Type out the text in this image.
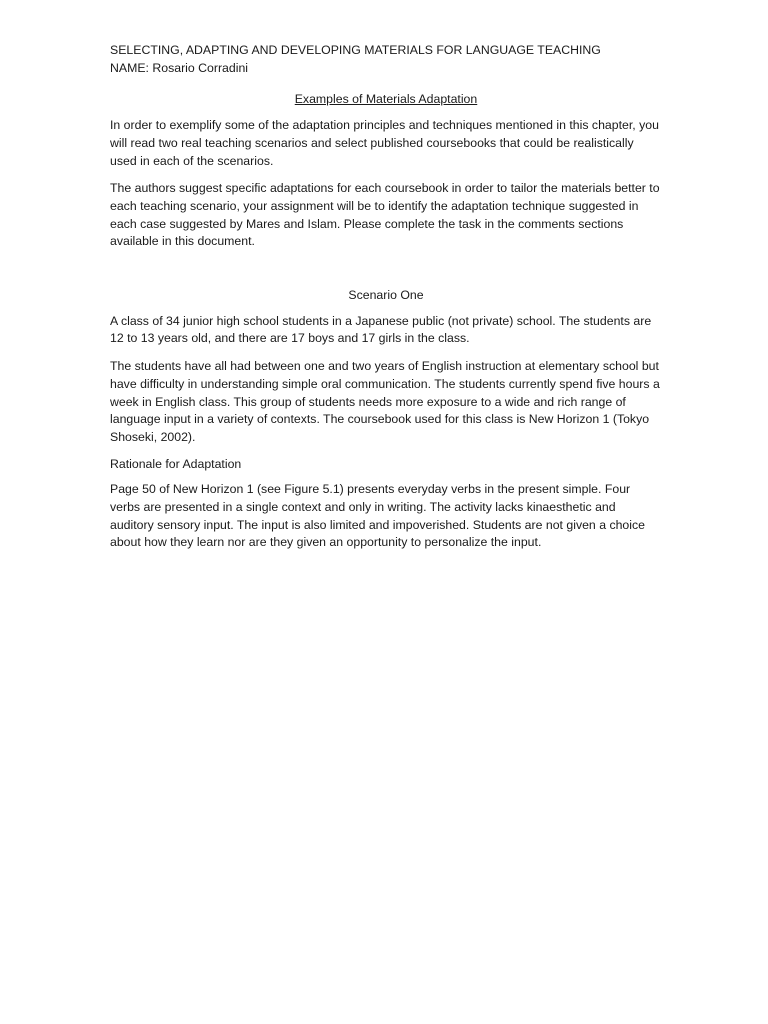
SELECTING, ADAPTING AND DEVELOPING MATERIALS FOR LANGUAGE TEACHING

NAME: Rosario Corradini

Examples of Materials Adaptation

In order to exemplify some of the adaptation principles and techniques mentioned in this chapter, you will read two real teaching scenarios and select published coursebooks that could be realistically used in each of the scenarios.

The authors suggest specific adaptations for each coursebook in order to tailor the materials better to each teaching scenario, your assignment will be to identify the adaptation technique suggested in each case suggested by Mares and Islam. Please complete the task in the comments sections available in this document.

Scenario One

A class of 34 junior high school students in a Japanese public (not private) school. The students are 12 to 13 years old, and there are 17 boys and 17 girls in the class.

The students have all had between one and two years of English instruction at elementary school but have difficulty in understanding simple oral communication. The students currently spend five hours a week in English class. This group of students needs more exposure to a wide and rich range of language input in a variety of contexts. The coursebook used for this class is New Horizon 1 (Tokyo Shoseki, 2002).

Rationale for Adaptation

Page 50 of New Horizon 1 (see Figure 5.1) presents everyday verbs in the present simple. Four verbs are presented in a single context and only in writing. The activity lacks kinaesthetic and auditory sensory input. The input is also limited and impoverished. Students are not given a choice about how they learn nor are they given an opportunity to personalize the input.
